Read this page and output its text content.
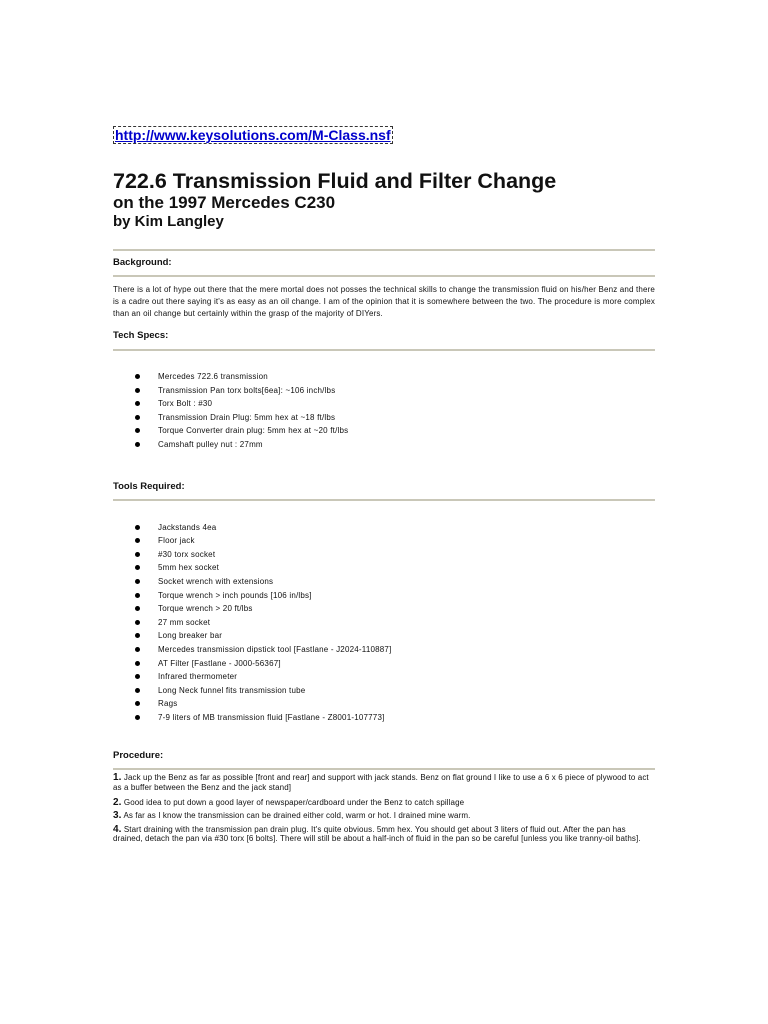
http://www.keysolutions.com/M-Class.nsf
722.6 Transmission Fluid and Filter Change
on the 1997 Mercedes C230
by Kim Langley
Background:
There is a lot of hype out there that the mere mortal does not posses the technical skills to change the transmission fluid on his/her Benz and there is a cadre out there saying it's as easy as an oil change. I am of the opinion that it is somewhere between the two. The procedure is more complex than an oil change but certainly within the grasp of the majority of DIYers.
Tech Specs:
Mercedes 722.6 transmission
Transmission Pan torx bolts[6ea]: ~106 inch/lbs
Torx Bolt : #30
Transmission Drain Plug: 5mm hex at ~18 ft/lbs
Torque Converter drain plug: 5mm hex at ~20 ft/lbs
Camshaft pulley nut : 27mm
Tools Required:
Jackstands 4ea
Floor jack
#30 torx socket
5mm hex socket
Socket wrench with extensions
Torque wrench > inch pounds [106 in/lbs]
Torque wrench > 20 ft/lbs
27 mm socket
Long breaker bar
Mercedes transmission dipstick tool [Fastlane - J2024-110887]
AT Filter [Fastlane - J000-56367]
Infrared thermometer
Long Neck funnel fits transmission tube
Rags
7-9 liters of MB transmission fluid [Fastlane - Z8001-107773]
Procedure:
1. Jack up the Benz as far as possible [front and rear] and support with jack stands. Benz on flat ground I like to use a 6 x 6 piece of plywood to act as a buffer between the Benz and the jack stand]
2. Good idea to put down a good layer of newspaper/cardboard under the Benz to catch spillage
3. As far as I know the transmission can be drained either cold, warm or hot. I drained mine warm.
4. Start draining with the transmission pan drain plug. It's quite obvious. 5mm hex. You should get about 3 liters of fluid out. After the pan has drained, detach the pan via #30 torx [6 bolts]. There will still be about a half-inch of fluid in the pan so be careful [unless you like tranny-oil baths].
